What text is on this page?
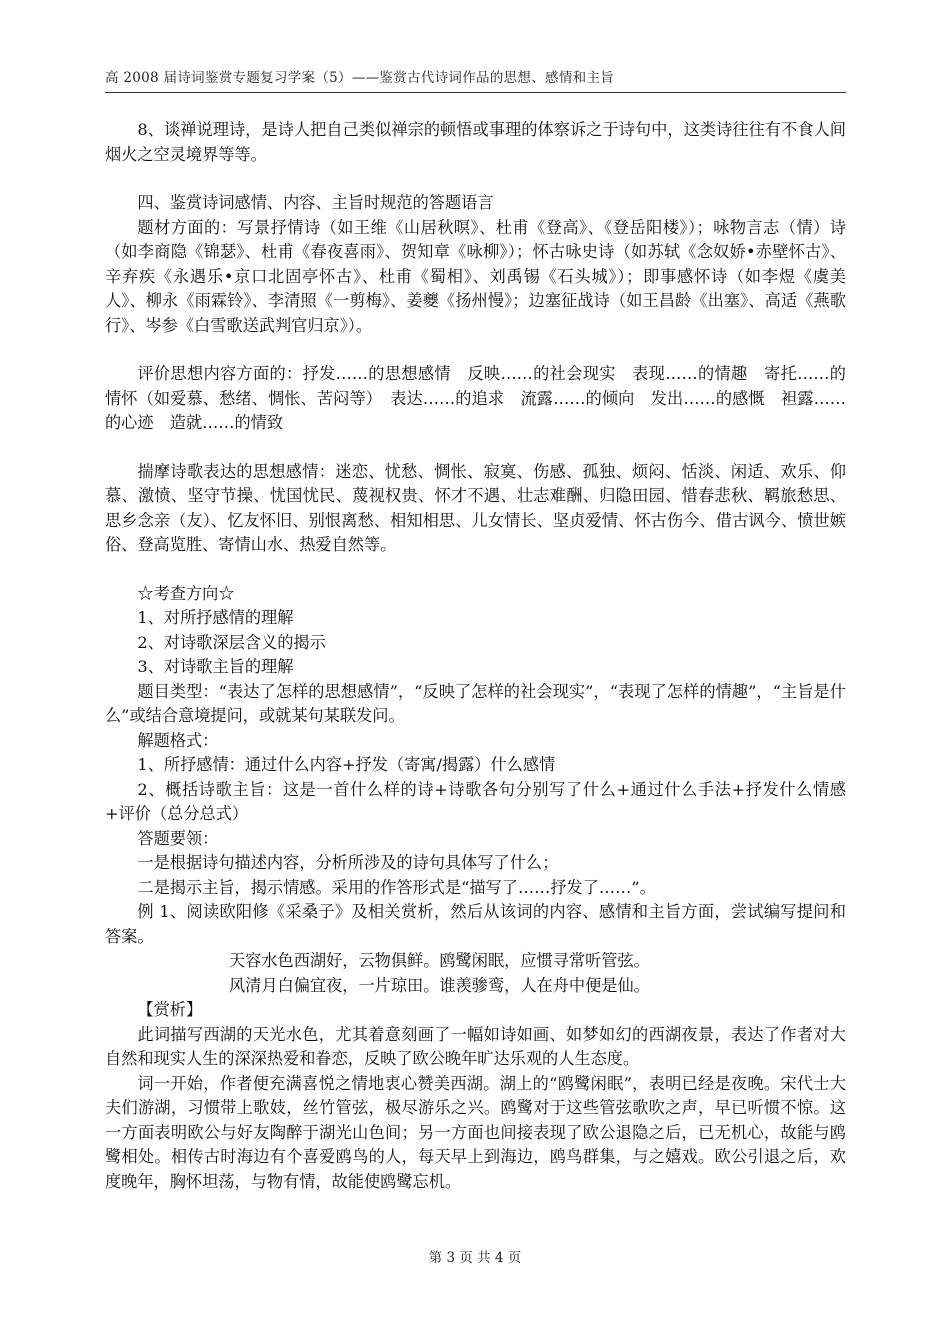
高 2008 届诗词鉴赏专题复习学案（5）——鉴赏古代诗词作品的思想、感情和主旨

8、谈禅说理诗，是诗人把自己类似禅宗的顿悟或事理的体察诉之于诗句中，这类诗往往有不食人间烟火之空灵境界等等。

四、鉴赏诗词感情、内容、主旨时规范的答题语言

题材方面的：写景抒情诗（如王维《山居秋暝》、杜甫《登高》、《登岳阳楼》）；咏物言志（情）诗（如李商隐《锦瑟》、杜甫《春夜喜雨》、贺知章《咏柳》）；怀古咏史诗（如苏轼《念奴娇•赤壁怀古》、辛弃疾《永遇乐•京口北固亭怀古》、杜甫《蜀相》、刘禹锡《石头城》）；即事感怀诗（如李煜《虞美人》、柳永《雨霖铃》、李清照《一剪梅》、姜夔《扬州慢》；边塞征战诗（如王昌龄《出塞》、高适《燕歌行》、岑参《白雪歌送武判官归京》）。

评价思想内容方面的：抒发……的思想感情　反映……的社会现实　表现……的情趣　寄托……的情怀（如爱慕、愁绪、惆怅、苦闷等）　表达……的追求　流露……的倾向　发出……的感慨　袒露……的心迹　造就……的情致

揣摩诗歌表达的思想感情：迷恋、忧愁、惆怅、寂寞、伤感、孤独、烦闷、恬淡、闲适、欢乐、仰慕、激愤、坚守节操、忧国忧民、蔑视权贵、怀才不遇、壮志难酬、归隐田园、惜春悲秋、羁旅愁思、思乡念亲（友）、忆友怀旧、别恨离愁、相知相思、儿女情长、坚贞爱情、怀古伤今、借古讽今、愤世嫉俗、登高览胜、寄情山水、热爱自然等。

☆考查方向☆

1、对所抒感情的理解

2、对诗歌深层含义的揭示

3、对诗歌主旨的理解

题目类型：“表达了怎样的思想感情”，“反映了怎样的社会现实”，“表现了怎样的情趣”，“主旨是什么”或结合意境提问，或就某句某联发问。

解题格式：

1、所抒感情：通过什么内容+抒发（寄寓/揭露）什么感情

2、概括诗歌主旨：这是一首什么样的诗+诗歌各句分别写了什么+通过什么手法+抒发什么情感+评价（总分总式）

答题要领：

一是根据诗句描述内容，分析所涉及的诗句具体写了什么；

二是揭示主旨，揭示情感。采用的作答形式是“描写了……抒发了……”。

例 1、阅读欧阳修《采桑子》及相关赏析，然后从该词的内容、感情和主旨方面，尝试编写提问和答案。

天容水色西湖好，云物俱鲜。鸥鹭闲眠，应惯寻常听管弦。

风清月白偏宜夜，一片琼田。谁羡骖鸾，人在舟中便是仙。

【赏析】

此词描写西湖的天光水色，尤其着意刻画了一幅如诗如画、如梦如幻的西湖夜景，表达了作者对大自然和现实人生的深深热爱和眷恋，反映了欧公晚年旷达乐观的人生态度。

词一开始，作者便充满喜悦之情地衷心赞美西湖。湖上的“鸥鹭闲眠”，表明已经是夜晚。宋代士大夫们游湖，习惯带上歌妓，丝竹管弦，极尽游乐之兴。鸥鹭对于这些管弦歌吹之声，早已听惯不惊。这一方面表明欧公与好友陶醉于湖光山色间；另一方面也间接表现了欧公退隐之后，已无机心，故能与鸥鹭相处。相传古时海边有个喜爱鸥鸟的人，每天早上到海边，鸥鸟群集，与之嬉戏。欧公引退之后，欢度晚年，胸怀坦荡，与物有情，故能使鸥鹭忘机。

第 3 页 共 4 页
